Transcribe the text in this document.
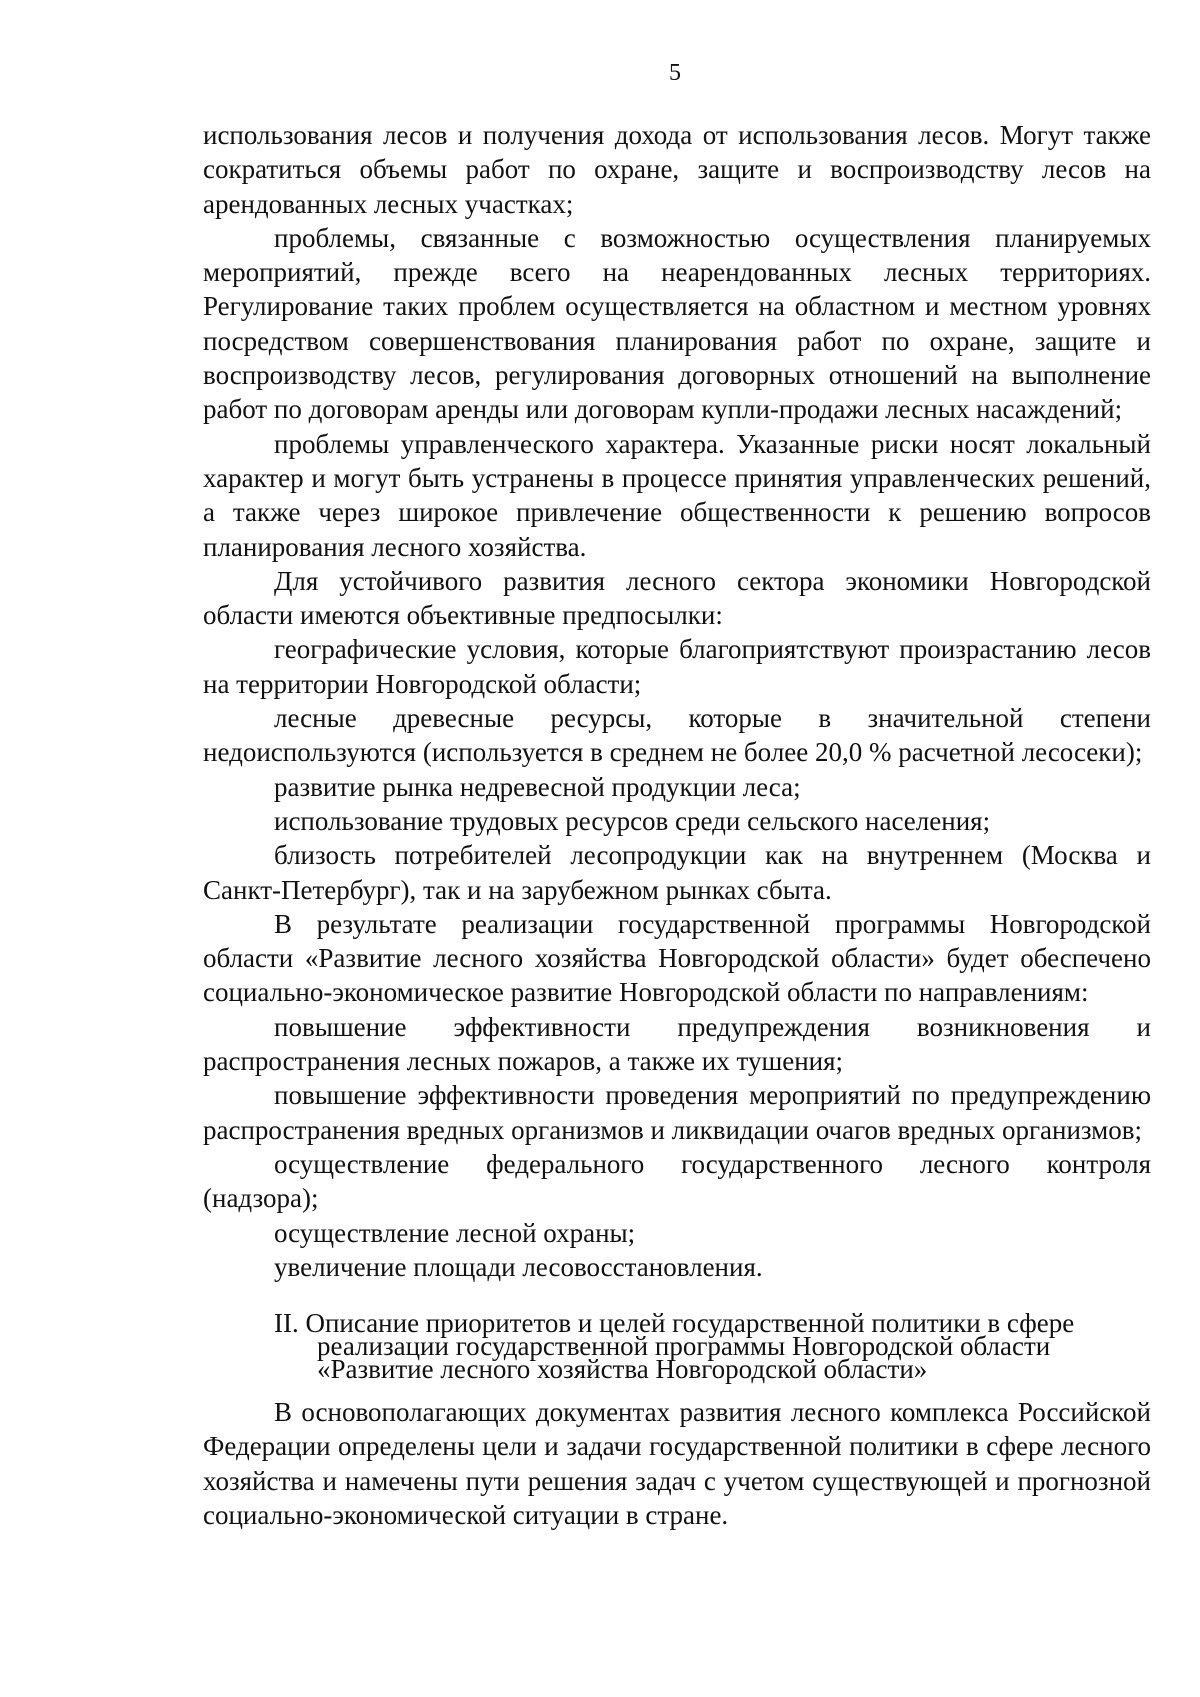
5

использования лесов и получения дохода от использования лесов. Могут также сократиться объемы работ по охране, защите и воспроизводству лесов на арендованных лесных участках;

проблемы, связанные с возможностью осуществления планируемых мероприятий, прежде всего на неарендованных лесных территориях. Регулирование таких проблем осуществляется на областном и местном уровнях посредством совершенствования планирования работ по охране, защите и воспроизводству лесов, регулирования договорных отношений на выполнение работ по договорам аренды или договорам купли-продажи лесных насаждений;

проблемы управленческого характера. Указанные риски носят локальный характер и могут быть устранены в процессе принятия управленческих решений, а также через широкое привлечение общественности к решению вопросов планирования лесного хозяйства.

Для устойчивого развития лесного сектора экономики Новгородской области имеются объективные предпосылки:

географические условия, которые благоприятствуют произрастанию лесов на территории Новгородской области;

лесные древесные ресурсы, которые в значительной степени недоиспользуются (используется в среднем не более 20,0 % расчетной лесосеки);

развитие рынка недревесной продукции леса;

использование трудовых ресурсов среди сельского населения;

близость потребителей лесопродукции как на внутреннем (Москва и Санкт-Петербург), так и на зарубежном рынках сбыта.

В результате реализации государственной программы Новгородской области «Развитие лесного хозяйства Новгородской области» будет обеспечено социально-экономическое развитие Новгородской области по направлениям:

повышение эффективности предупреждения возникновения и распространения лесных пожаров, а также их тушения;

повышение эффективности проведения мероприятий по предупреждению распространения вредных организмов и ликвидации очагов вредных организмов;

осуществление федерального государственного лесного контроля (надзора);

осуществление лесной охраны;

увеличение площади лесовосстановления.

II. Описание приоритетов и целей государственной политики в сфере

реализации государственной программы Новгородской области

«Развитие лесного хозяйства Новгородской области»

В основополагающих документах развития лесного комплекса Российской Федерации определены цели и задачи государственной политики в сфере лесного хозяйства и намечены пути решения задач с учетом существующей и прогнозной социально-экономической ситуации в стране.
